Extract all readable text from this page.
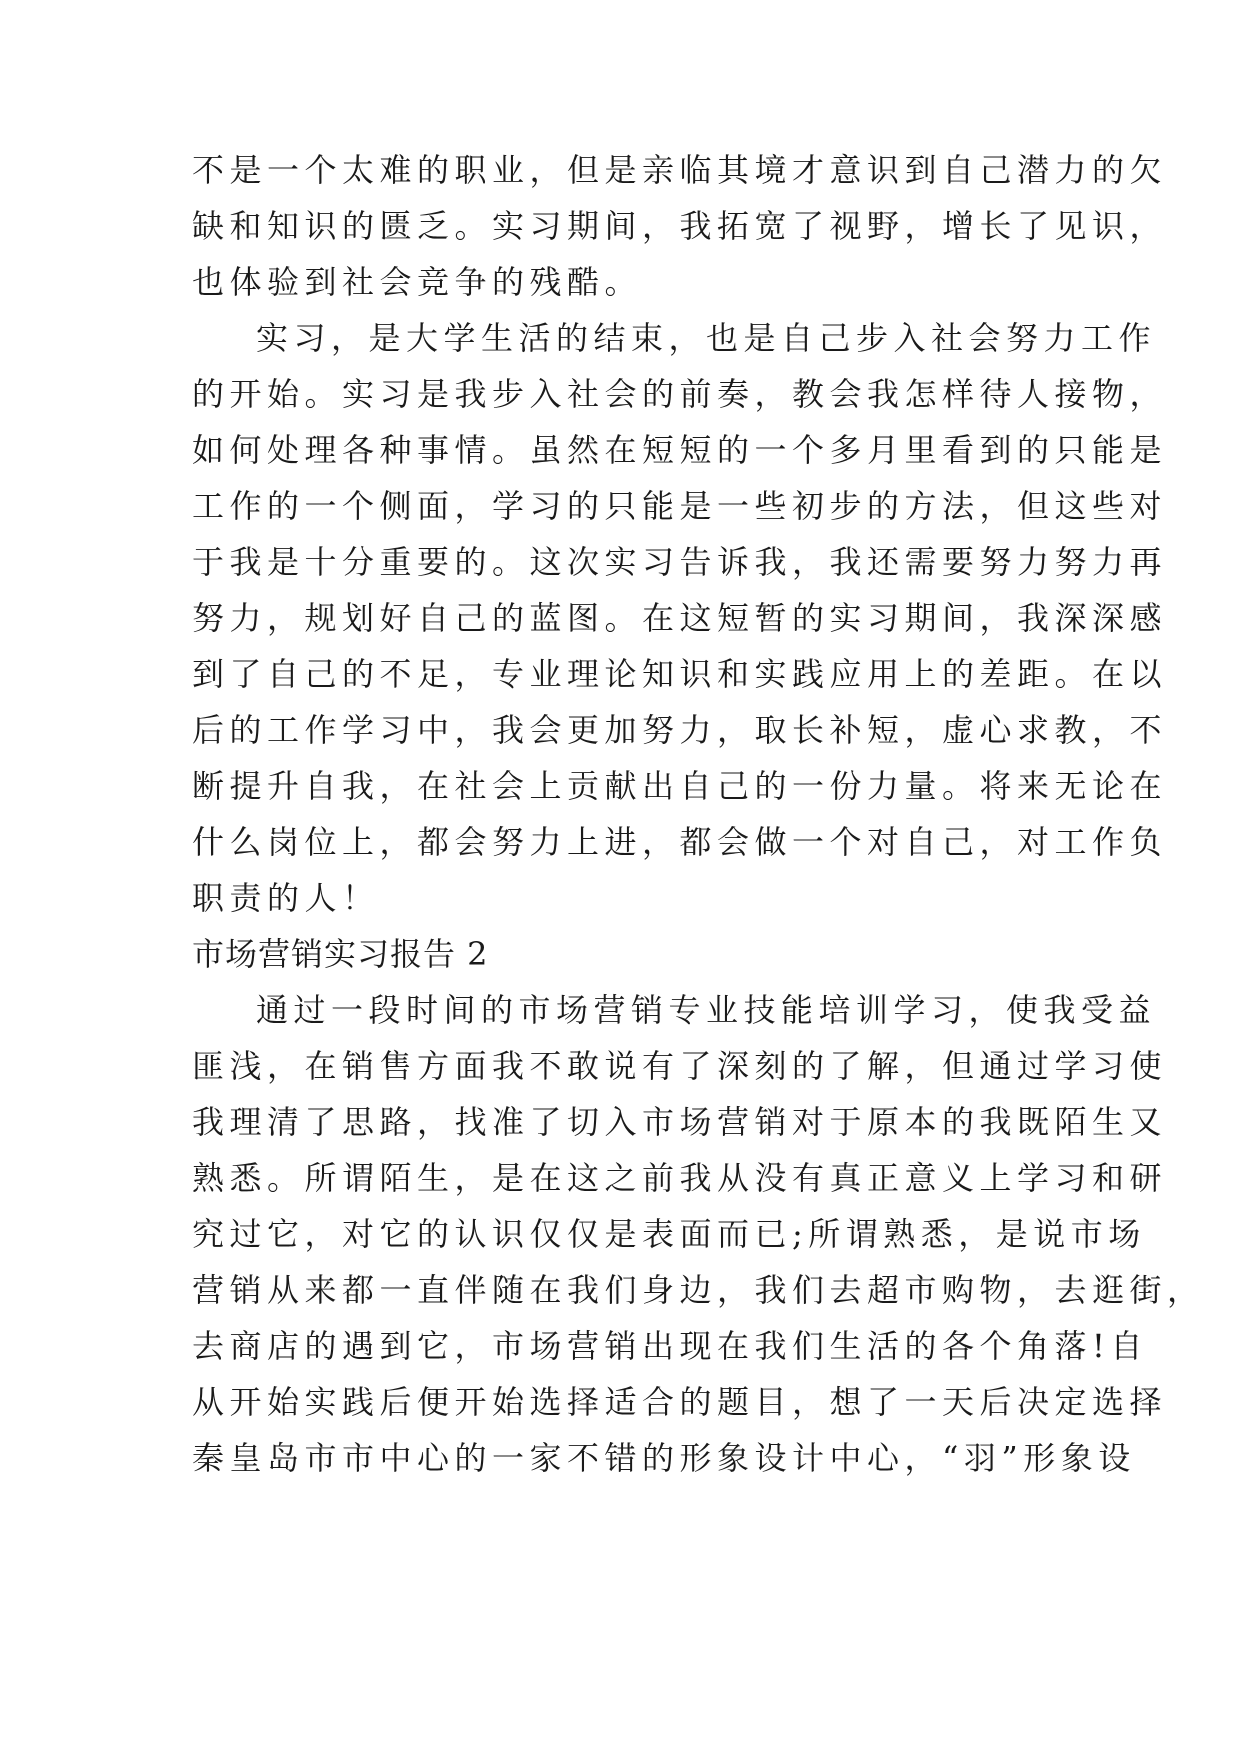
不是一个太难的职业，但是亲临其境才意识到自己潜力的欠
缺和知识的匮乏。实习期间，我拓宽了视野，增长了见识，
也体验到社会竞争的残酷。
实习，是大学生活的结束，也是自己步入社会努力工作
的开始。实习是我步入社会的前奏，教会我怎样待人接物，
如何处理各种事情。虽然在短短的一个多月里看到的只能是
工作的一个侧面，学习的只能是一些初步的方法，但这些对
于我是十分重要的。这次实习告诉我，我还需要努力努力再
努力，规划好自己的蓝图。在这短暂的实习期间，我深深感
到了自己的不足，专业理论知识和实践应用上的差距。在以
后的工作学习中，我会更加努力，取长补短，虚心求教，不
断提升自我，在社会上贡献出自己的一份力量。将来无论在
什么岗位上，都会努力上进，都会做一个对自己，对工作负
职责的人！
市场营销实习报告 2
通过一段时间的市场营销专业技能培训学习，使我受益
匪浅，在销售方面我不敢说有了深刻的了解，但通过学习使
我理清了思路，找准了切入市场营销对于原本的我既陌生又
熟悉。所谓陌生，是在这之前我从没有真正意义上学习和研
究过它，对它的认识仅仅是表面而已;所谓熟悉，是说市场
营销从来都一直伴随在我们身边，我们去超市购物，去逛街，
去商店的遇到它，市场营销出现在我们生活的各个角落!自
从开始实践后便开始选择适合的题目，想了一天后决定选择
秦皇岛市市中心的一家不错的形象设计中心，“羽”形象设
